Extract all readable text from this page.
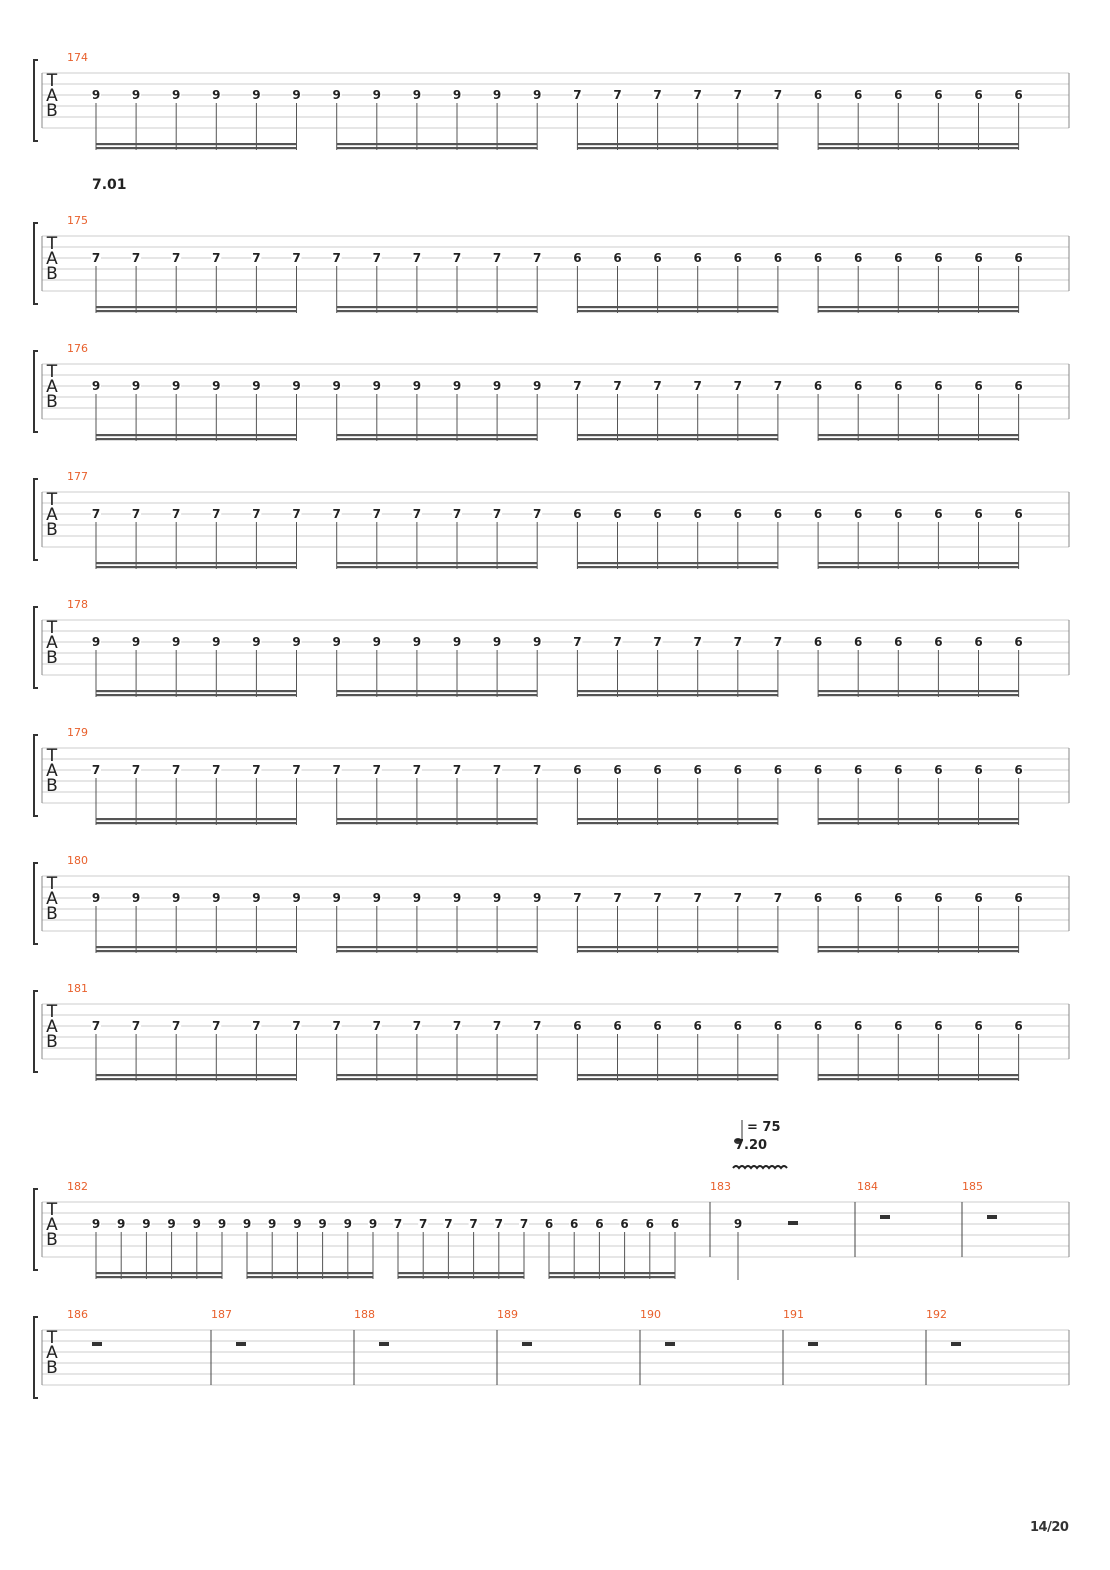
T
A
B
174
9	9	9	9	9	9	9	9	9	9	9	9	7	7	7	7	7	7	6	6	6	6	6	6
T
A
B
175
7.01
7	7	7	7	7	7	7	7	7	7	7	7	6	6	6	6	6	6	6	6	6	6	6	6
T
A
B
176
9	9	9	9	9	9	9	9	9	9	9	9	7	7	7	7	7	7	6	6	6	6	6	6
T
A
B
177
7	7	7	7	7	7	7	7	7	7	7	7	6	6	6	6	6	6	6	6	6	6	6	6
T
A
B
178
9	9	9	9	9	9	9	9	9	9	9	9	7	7	7	7	7	7	6	6	6	6	6	6
T
A
B
179
7	7	7	7	7	7	7	7	7	7	7	7	6	6	6	6	6	6	6	6	6	6	6	6
T
A
B
180
9	9	9	9	9	9	9	9	9	9	9	9	7	7	7	7	7	7	6	6	6	6	6	6
T
A
B
181
7	7	7	7	7	7	7	7	7	7	7	7	6	6	6	6	6	6	6	6	6	6	6	6
T
A
B
182
9 9 9 9 9 9 9 9 9 9 9 9 7 7 7 7 7 7 6 6 6 6 6 6
183
9
= 75
7.20
184	185
T
A
B
186	187	188	189	190	191	192
14/20
